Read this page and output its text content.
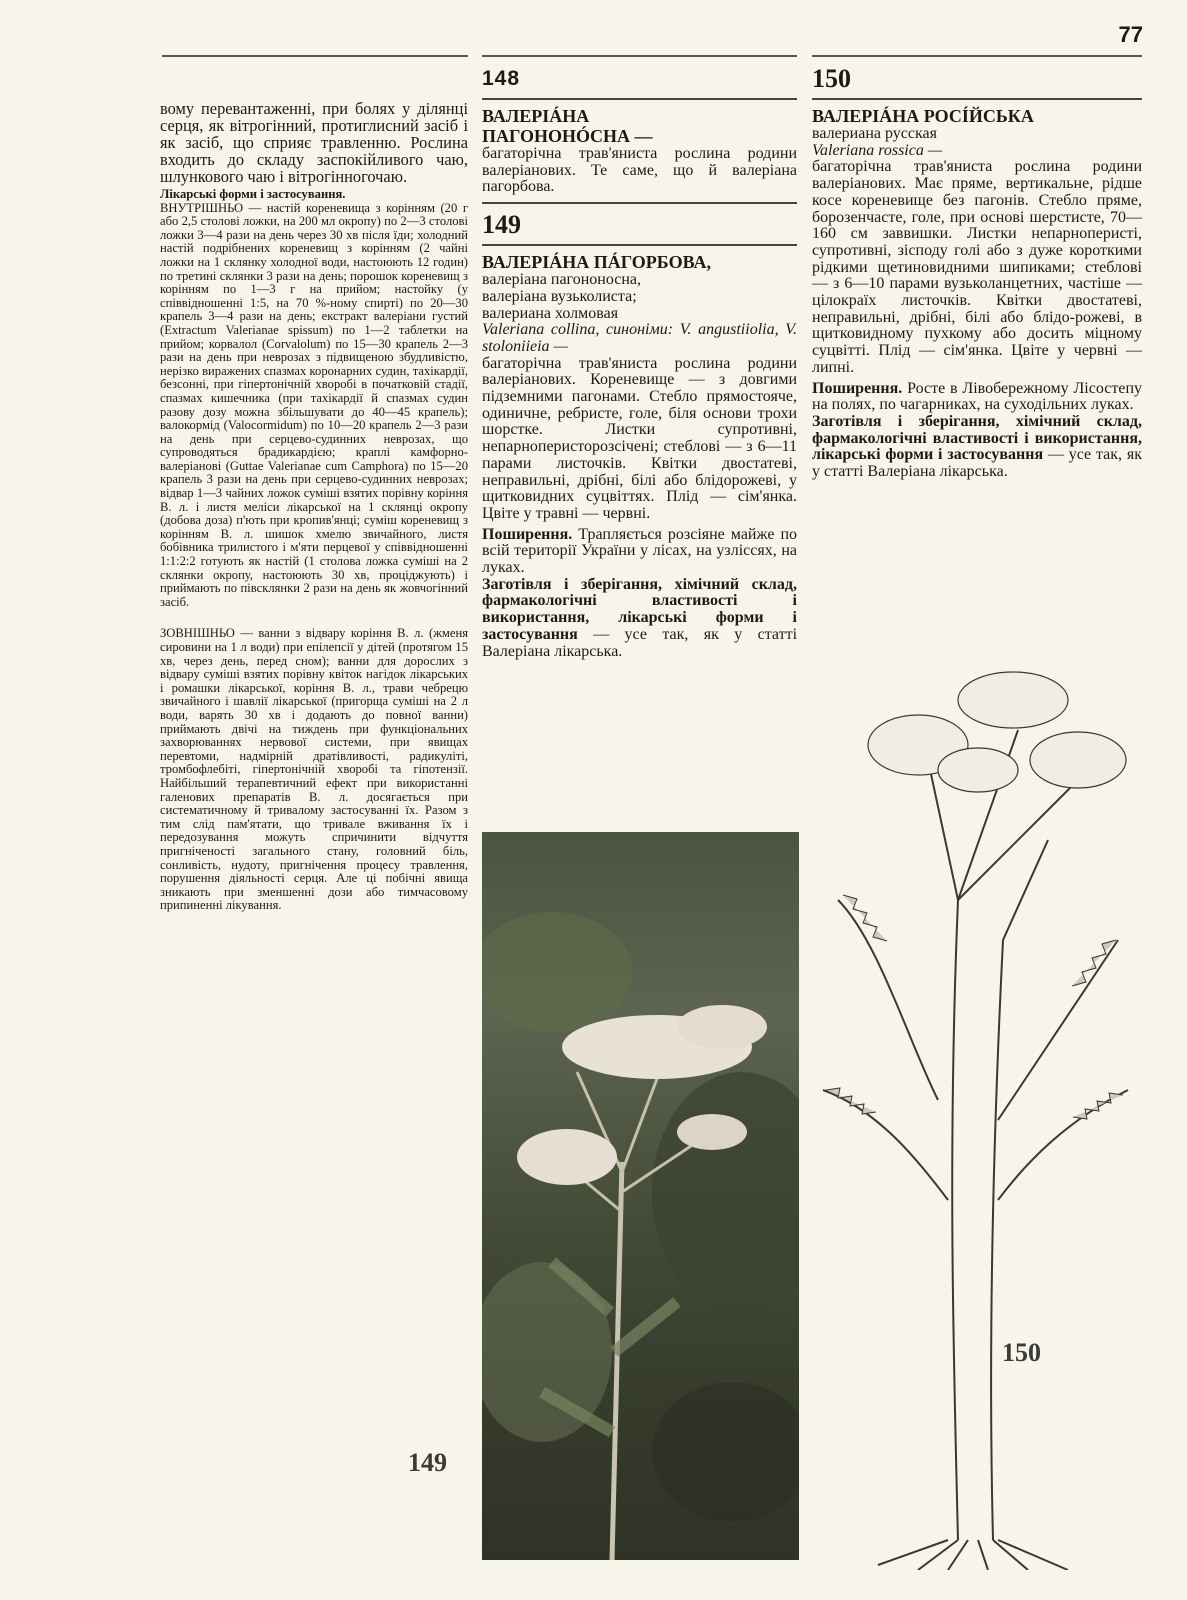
77

вому перевантаженні, при болях у ділянці серця, як вітрогінний, протиглисний засіб і як засіб, що сприяє травленню. Рослина входить до складу заспокійливого чаю, шлункового чаю і вітрогінногочаю.

Лікарські форми і застосування.

ВНУТРІШНЬО — настій кореневища з корінням (20 г або 2,5 столові ложки, на 200 мл окропу) по 2—3 столові ложки 3—4 рази на день через 30 хв після їди; холодний настій подрібнених кореневищ з корінням (2 чайні ложки на 1 склянку холодної води, настоюють 12 годин) по третині склянки 3 рази на день; порошок кореневищ з корінням по 1—3 г на прийом; настойку (у співвідношенні 1:5, на 70 %-ному спирті) по 20—30 крапель 3—4 рази на день; екстракт валеріани густий (Extractum Valerianae spissum) по 1—2 таблетки на прийом; корвалол (Corvalolum) по 15—30 крапель 2—3 рази на день при неврозах з підвищеною збудливістю, нерізко виражених спазмах коронарних судин, тахікардії, безсонні, при гіпертонічній хворобі в початковій стадії, спазмах кишечника (при тахікардії й спазмах судин разову дозу можна збільшувати до 40—45 крапель); валокормід (Valocormidum) по 10—20 крапель 2—3 рази на день при серцево-судинних неврозах, що супроводяться брадикардією; краплі камфорно-валеріанові (Guttae Valerianae cum Camphora) по 15—20 крапель 3 рази на день при серцево-судинних неврозах; відвар 1—3 чайних ложок суміші взятих порівну коріння В. л. і листя меліси лікарської на 1 склянці окропу (добова доза) п'ють при кропив'янці; суміш кореневищ з корінням В. л. шишок хмелю звичайного, листя бобівника трилистого і м'яти перцевої у співвідношенні 1:1:2:2 готують як настій (1 столова ложка суміші на 2 склянки окропу, настоюють 30 хв, проціджують) і приймають по півсклянки 2 рази на день як жовчогінний засіб.

ЗОВНІШНЬО — ванни з відвару коріння В. л. (жменя сировини на 1 л води) при епілепсії у дітей (протягом 15 хв, через день, перед сном); ванни для дорослих з відвару суміші взятих порівну квіток нагідок лікарських і ромашки лікарської, коріння В. л., трави чебрецю звичайного і шавлії лікарської (пригорща суміші на 2 л води, варять 30 хв і додають до повної ванни) приймають двічі на тиждень при функціональних захворюваннях нервової системи, при явищах перевтоми, надмірній дратівливості, радикуліті, тромбофлебіті, гіпертонічній хворобі та гіпотензії. Найбільший терапевтичний ефект при використанні галенових препаратів В. л. досягається при систематичному й тривалому застосуванні їх. Разом з тим слід пам'ятати, що тривале вживання їх і передозування можуть спричинити відчуття пригніченості загального стану, головний біль, сонливість, нудоту, пригнічення процесу травлення, порушення діяльності серця. Але ці побічні явища зникають при зменшенні дози або тимчасовому припиненні лікування.

148

ВАЛЕРІÁНА ПАГОНОНÓСНА —

багаторічна трав'яниста рослина родини валеріанових. Те саме, що й валеріана пагорбова.

149

ВАЛЕРІÁНА ПÁГОРБОВА,

валеріана пагононосна,

валеріана вузьколиста;

валериана холмовая

Valeriana collina, синоніми: V. angustiiolia, V. stoloniieia —

багаторічна трав'яниста рослина родини валеріанових. Кореневище — з довгими підземними пагонами. Стебло прямостояче, одиничне, ребристе, голе, біля основи трохи шорстке. Листки супротивні, непарноперисторозсічені; стеблові — з 6—11 парами листочків. Квітки двостатеві, неправильні, дрібні, білі або блідорожеві, у щитковидних суцвіттях. Плід — сім'янка. Цвіте у травні — червні.

Поширення. Трапляється розсіяне майже по всій території України у лісах, на узліссях, на луках.

Заготівля і зберігання, хімічний склад, фармакологічні властивості і використання, лікарські форми і застосування — усе так, як у статті Валеріана лікарська.

150

ВАЛЕРІÁНА РОСÍЙСЬКА

валериана русская

Valeriana rossica —

багаторічна трав'яниста рослина родини валеріанових. Має пряме, вертикальне, рідше косе кореневище без пагонів. Стебло пряме, борозенчасте, голе, при основі шерстисте, 70—160 см заввишки. Листки непарноперисті, супротивні, зісподу голі або з дуже короткими рідкими щетиновидними шипиками; стеблові — з 6—10 парами вузьколанцетних, частіше — цілокраїх листочків. Квітки двостатеві, неправильні, дрібні, білі або блідо-рожеві, в щитковидному пухкому або досить міцному суцвітті. Плід — сім'янка. Цвіте у червні — липні.

Поширення. Росте в Лівобережному Лісостепу на полях, по чагарниках, на суходільних луках.

Заготівля і зберігання, хімічний склад, фармакологічні властивості і використання, лікарські форми і застосування — усе так, як у статті Валеріана лікарська.

149
150
